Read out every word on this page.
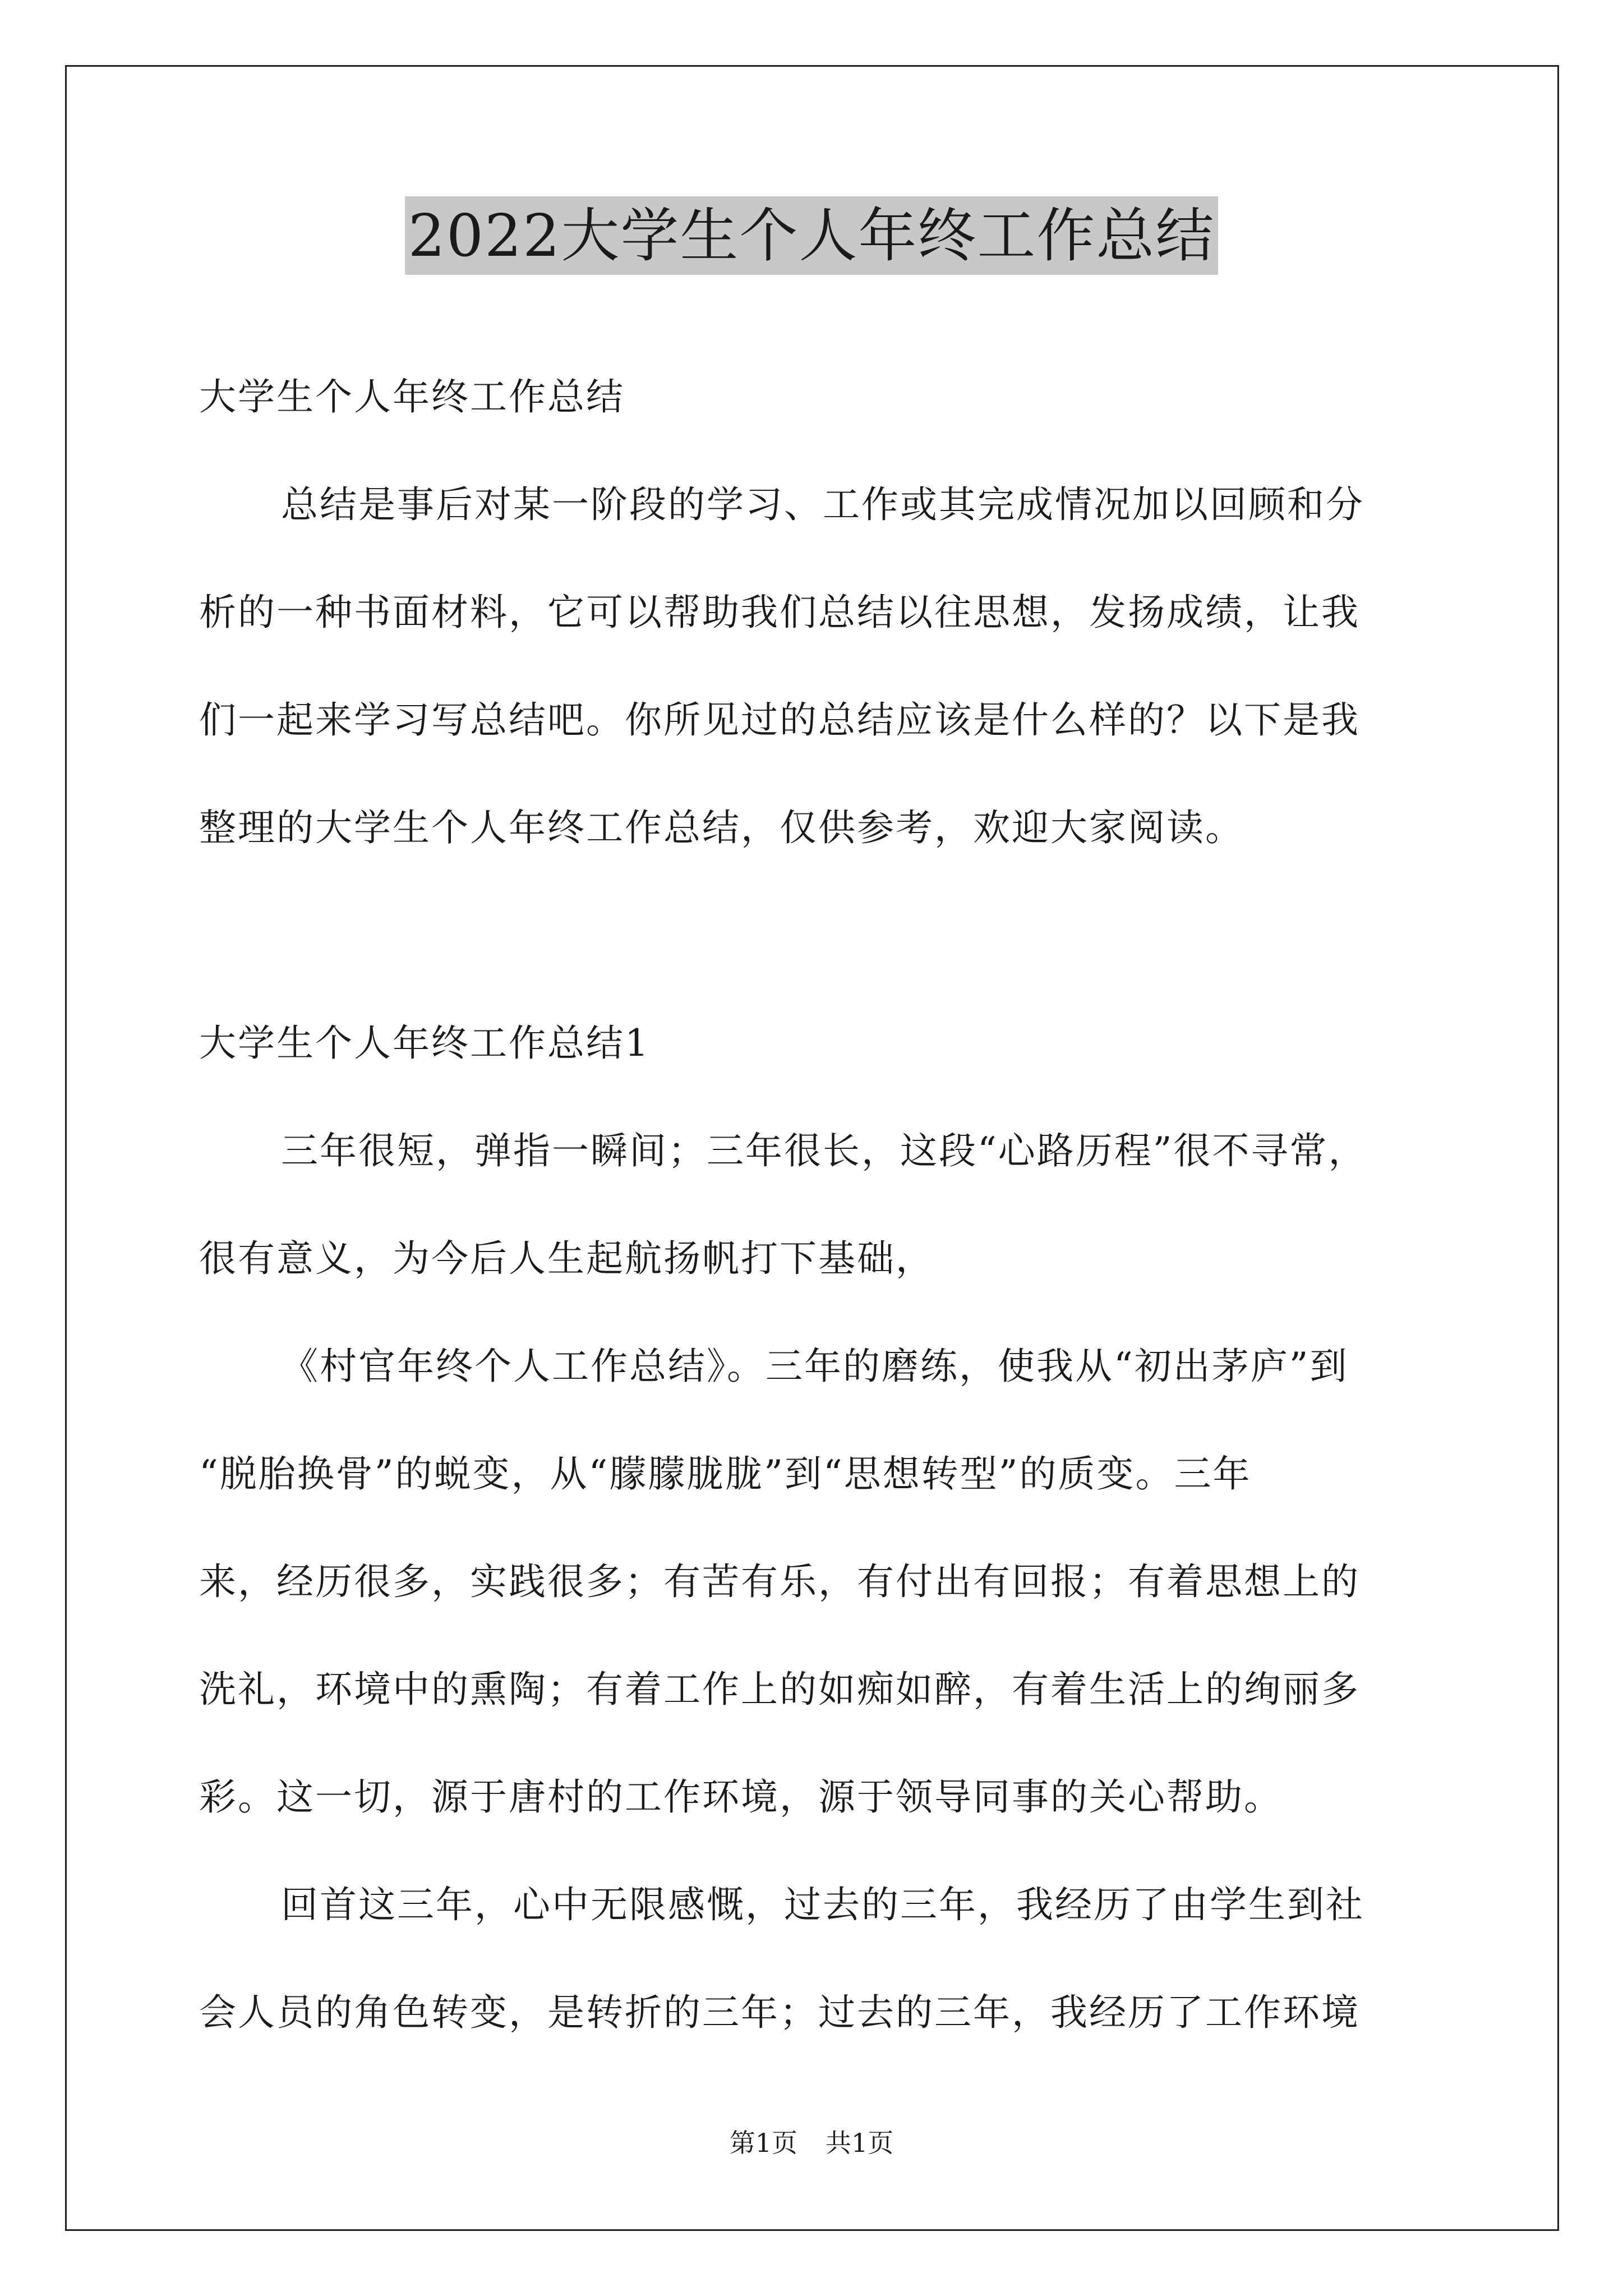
2022大学生个人年终工作总结
大学生个人年终工作总结
总结是事后对某一阶段的学习、工作或其完成情况加以回顾和分
析的一种书面材料，它可以帮助我们总结以往思想，发扬成绩，让我
们一起来学习写总结吧。你所见过的总结应该是什么样的？以下是我
整理的大学生个人年终工作总结，仅供参考，欢迎大家阅读。
大学生个人年终工作总结1
三年很短，弹指一瞬间；三年很长，这段“心路历程”很不寻常，
很有意义，为今后人生起航扬帆打下基础，
《村官年终个人工作总结》。三年的磨练，使我从“初出茅庐”到
“脱胎换骨”的蜕变，从“朦朦胧胧”到“思想转型”的质变。三年
来，经历很多，实践很多；有苦有乐，有付出有回报；有着思想上的
洗礼，环境中的熏陶；有着工作上的如痴如醉，有着生活上的绚丽多
彩。这一切，源于唐村的工作环境，源于领导同事的关心帮助。
回首这三年，心中无限感慨，过去的三年，我经历了由学生到社
会人员的角色转变，是转折的三年；过去的三年，我经历了工作环境
第1页 共1页
